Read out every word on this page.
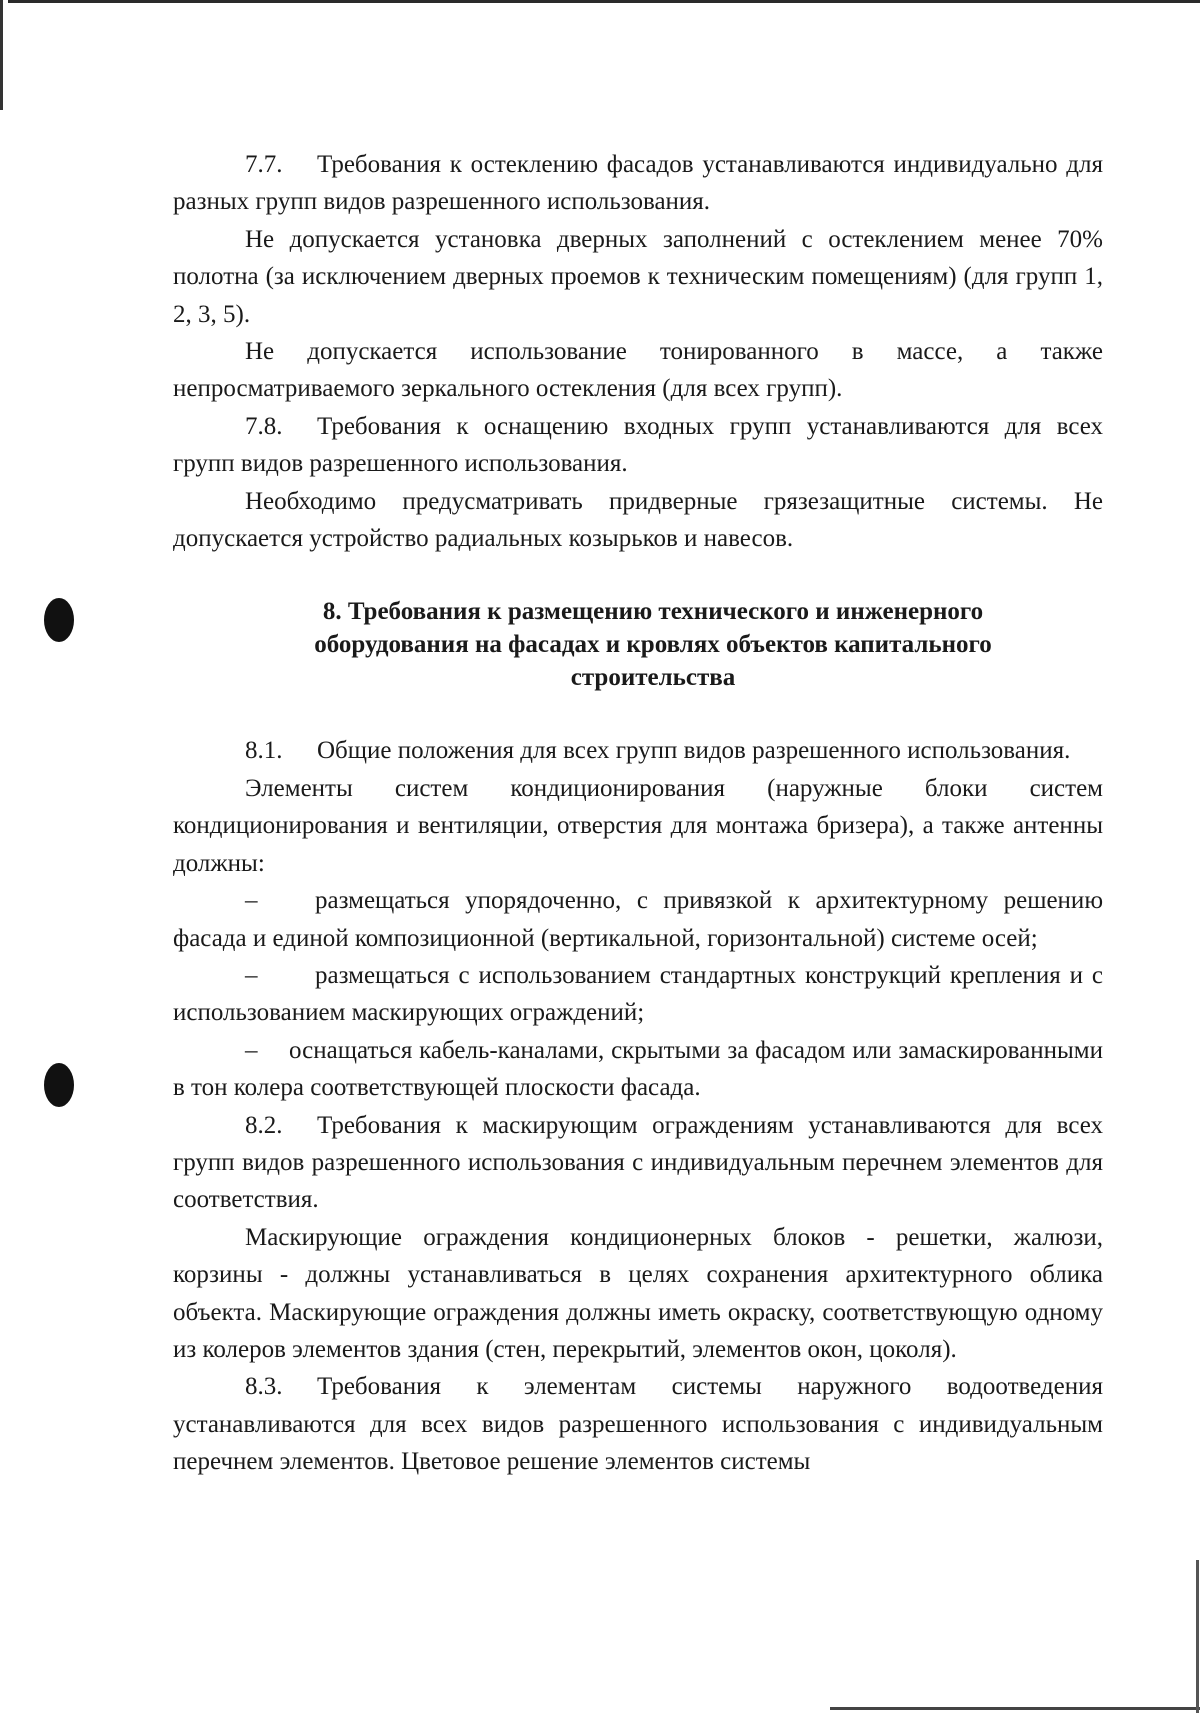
7.7. Требования к остеклению фасадов устанавливаются индивидуально для разных групп видов разрешенного использования.

Не допускается установка дверных заполнений с остеклением менее 70% полотна (за исключением дверных проемов к техническим помещениям) (для групп 1, 2, 3, 5).

Не допускается использование тонированного в массе, а также непросматриваемого зеркального остекления (для всех групп).

7.8. Требования к оснащению входных групп устанавливаются для всех групп видов разрешенного использования.

Необходимо предусматривать придверные грязезащитные системы. Не допускается устройство радиальных козырьков и навесов.

8. Требования к размещению технического и инженерного оборудования на фасадах и кровлях объектов капитального строительства

8.1. Общие положения для всех групп видов разрешенного использования.

Элементы систем кондиционирования (наружные блоки систем кондиционирования и вентиляции, отверстия для монтажа бризера), а также антенны должны:

– размещаться упорядоченно, с привязкой к архитектурному решению фасада и единой композиционной (вертикальной, горизонтальной) системе осей;

– размещаться с использованием стандартных конструкций крепления и с использованием маскирующих ограждений;

– оснащаться кабель-каналами, скрытыми за фасадом или замаскированными в тон колера соответствующей плоскости фасада.

8.2. Требования к маскирующим ограждениям устанавливаются для всех групп видов разрешенного использования с индивидуальным перечнем элементов для соответствия.

Маскирующие ограждения кондиционерных блоков - решетки, жалюзи, корзины - должны устанавливаться в целях сохранения архитектурного облика объекта. Маскирующие ограждения должны иметь окраску, соответствующую одному из колеров элементов здания (стен, перекрытий, элементов окон, цоколя).

8.3. Требования к элементам системы наружного водоотведения устанавливаются для всех видов разрешенного использования с индивидуальным перечнем элементов. Цветовое решение элементов системы
